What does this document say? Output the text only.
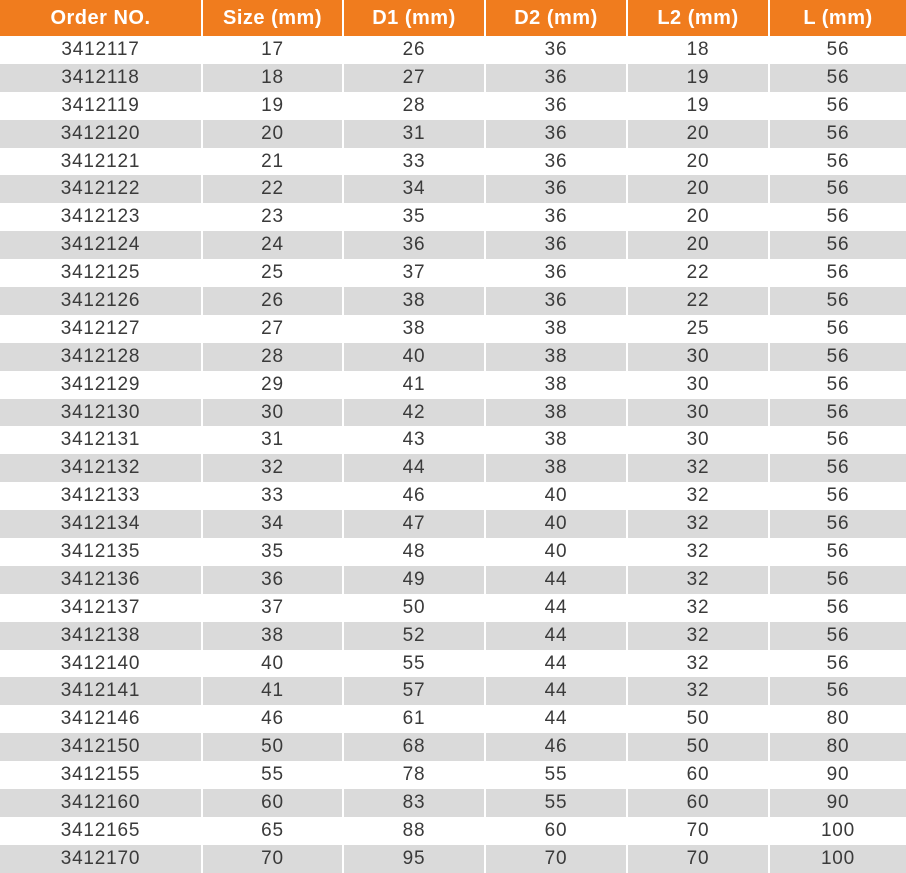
Order NO.	Size (mm)	D1 (mm)	D2 (mm)	L2 (mm)	L (mm)
3412117	17	26	36	18	56
3412118	18	27	36	19	56
3412119	19	28	36	19	56
3412120	20	31	36	20	56
3412121	21	33	36	20	56
3412122	22	34	36	20	56
3412123	23	35	36	20	56
3412124	24	36	36	20	56
3412125	25	37	36	22	56
3412126	26	38	36	22	56
3412127	27	38	38	25	56
3412128	28	40	38	30	56
3412129	29	41	38	30	56
3412130	30	42	38	30	56
3412131	31	43	38	30	56
3412132	32	44	38	32	56
3412133	33	46	40	32	56
3412134	34	47	40	32	56
3412135	35	48	40	32	56
3412136	36	49	44	32	56
3412137	37	50	44	32	56
3412138	38	52	44	32	56
3412140	40	55	44	32	56
3412141	41	57	44	32	56
3412146	46	61	44	50	80
3412150	50	68	46	50	80
3412155	55	78	55	60	90
3412160	60	83	55	60	90
3412165	65	88	60	70	100
3412170	70	95	70	70	100
